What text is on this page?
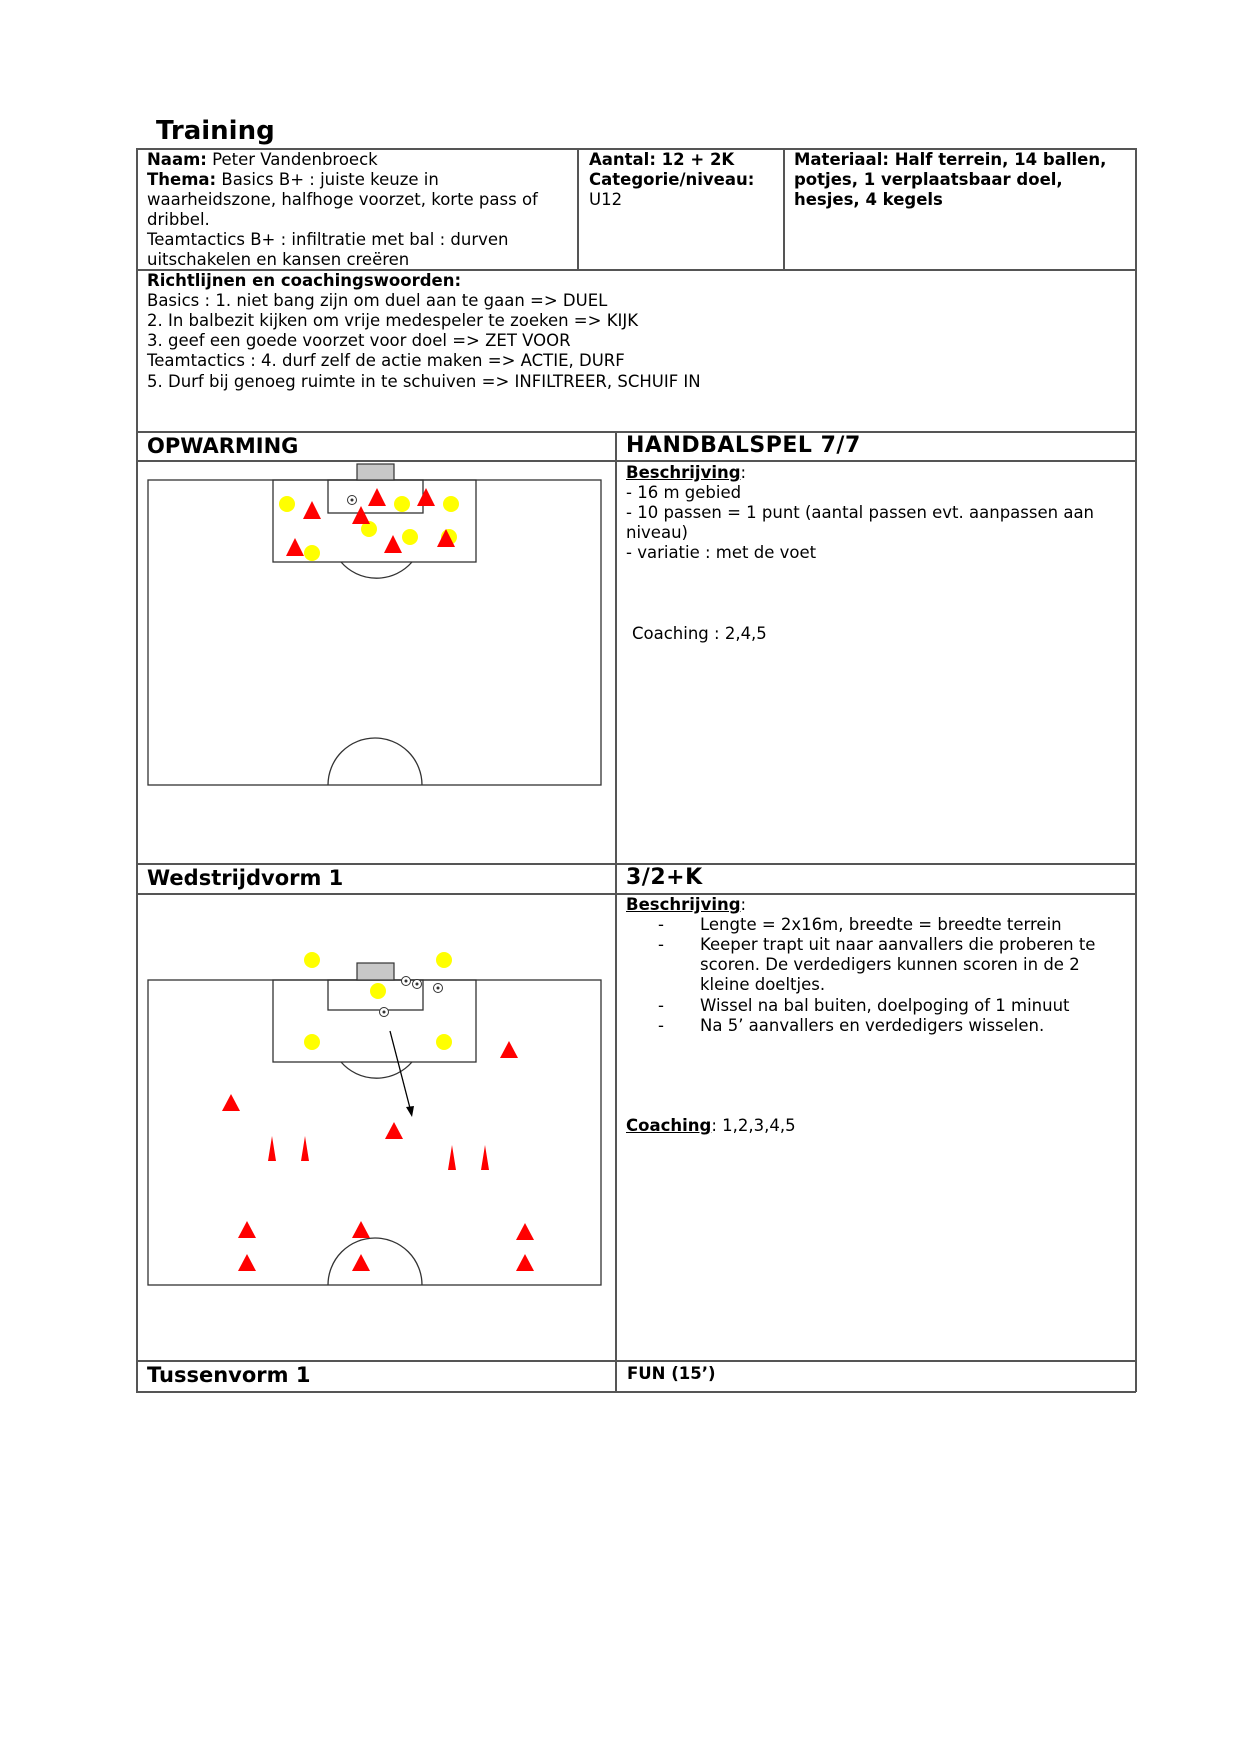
Training
Naam: Peter Vandenbroeck
Thema: Basics B+ : juiste keuze in
waarheidszone, halfhoge voorzet, korte pass of
dribbel.
Teamtactics B+ : infiltratie met bal : durven
uitschakelen en kansen creëren
Aantal: 12 + 2K
Categorie/niveau:
U12
Materiaal: Half terrein, 14 ballen,
potjes, 1 verplaatsbaar doel,
hesjes, 4 kegels
Richtlijnen en coachingswoorden:
Basics : 1. niet bang zijn om duel aan te gaan => DUEL
2. In balbezit kijken om vrije medespeler te zoeken => KIJK
3. geef een goede voorzet voor doel => ZET VOOR
Teamtactics : 4. durf zelf de actie maken => ACTIE, DURF
5. Durf bij genoeg ruimte in te schuiven => INFILTREER, SCHUIF IN
OPWARMING	HANDBALSPEL 7/7
Beschrijving:
- 16 m gebied
- 10 passen = 1 punt (aantal passen evt. aanpassen aan
niveau)
- variatie : met de voet
Coaching : 2,4,5
Wedstrijdvorm 1	3/2+K
Beschrijving:
- Lengte = 2x16m, breedte = breedte terrein
- Keeper trapt uit naar aanvallers die proberen te
scoren. De verdedigers kunnen scoren in de 2
kleine doeltjes.
- Wissel na bal buiten, doelpoging of 1 minuut
- Na 5’ aanvallers en verdedigers wisselen.
Coaching: 1,2,3,4,5
Tussenvorm 1	FUN (15’)
